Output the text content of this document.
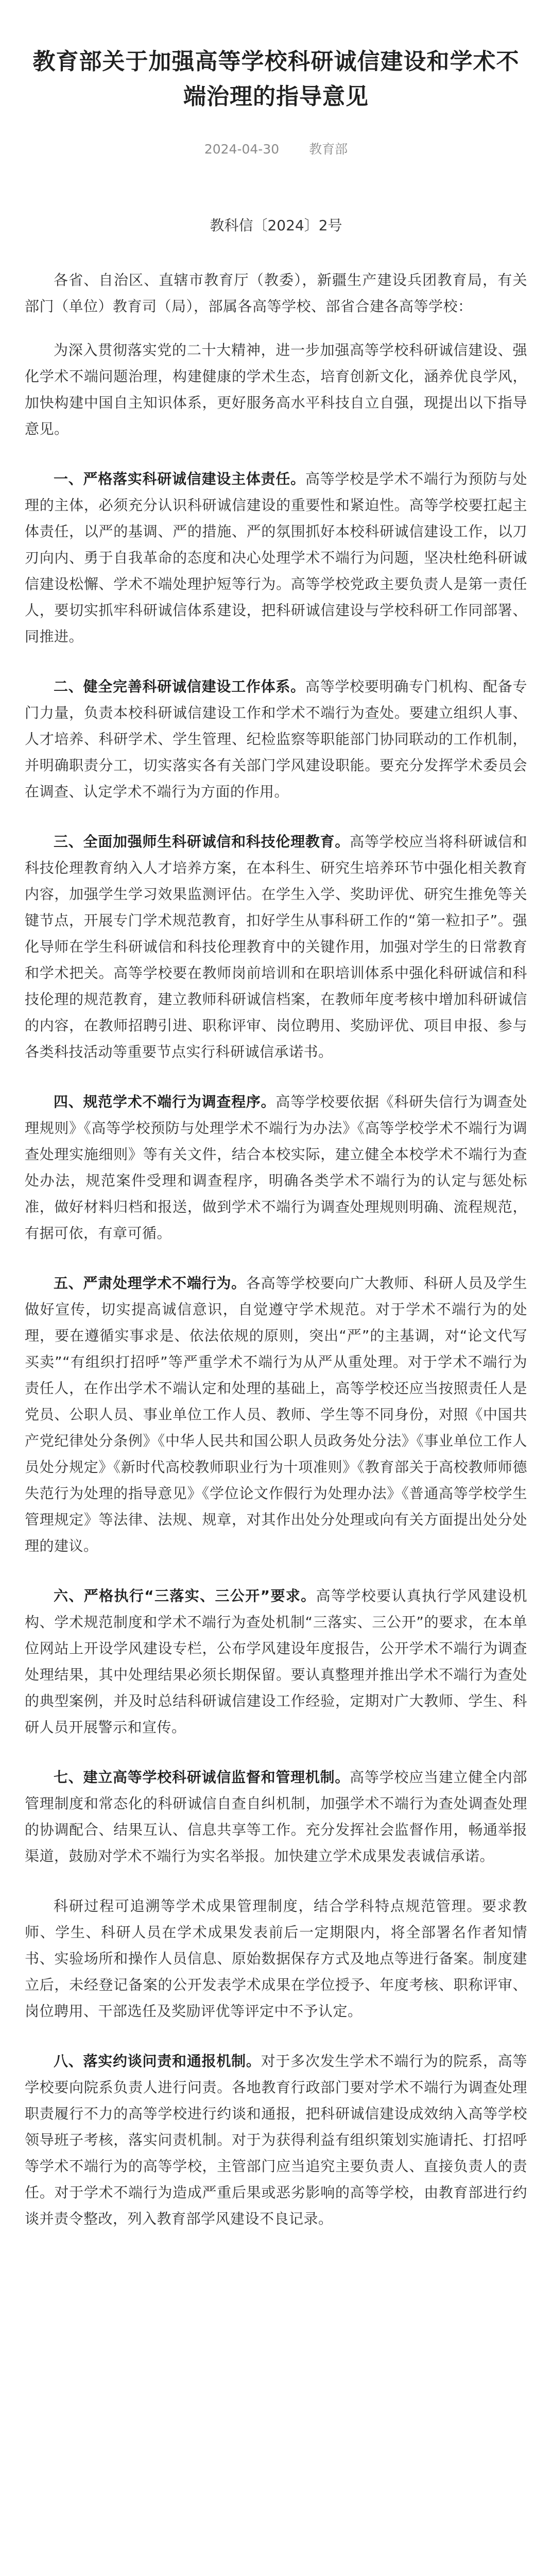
教育部关于加强高等学校科研诚信建设和学术不端治理的指导意见
2024-04-30 教育部
教科信〔2024〕2号

各省、自治区、直辖市教育厅（教委），新疆生产建设兵团教育局，有关部门（单位）教育司（局），部属各高等学校、部省合建各高等学校：

为深入贯彻落实党的二十大精神，进一步加强高等学校科研诚信建设、强化学术不端问题治理，构建健康的学术生态，培育创新文化，涵养优良学风，加快构建中国自主知识体系，更好服务高水平科技自立自强，现提出以下指导意见。

一、严格落实科研诚信建设主体责任。高等学校是学术不端行为预防与处理的主体，必须充分认识科研诚信建设的重要性和紧迫性。高等学校要扛起主体责任，以严的基调、严的措施、严的氛围抓好本校科研诚信建设工作，以刀刃向内、勇于自我革命的态度和决心处理学术不端行为问题，坚决杜绝科研诚信建设松懈、学术不端处理护短等行为。高等学校党政主要负责人是第一责任人，要切实抓牢科研诚信体系建设，把科研诚信建设与学校科研工作同部署、同推进。

二、健全完善科研诚信建设工作体系。高等学校要明确专门机构、配备专门力量，负责本校科研诚信建设工作和学术不端行为查处。要建立组织人事、人才培养、科研学术、学生管理、纪检监察等职能部门协同联动的工作机制，并明确职责分工，切实落实各有关部门学风建设职能。要充分发挥学术委员会在调查、认定学术不端行为方面的作用。

三、全面加强师生科研诚信和科技伦理教育。高等学校应当将科研诚信和科技伦理教育纳入人才培养方案，在本科生、研究生培养环节中强化相关教育内容，加强学生学习效果监测评估。在学生入学、奖助评优、研究生推免等关键节点，开展专门学术规范教育，扣好学生从事科研工作的“第一粒扣子”。强化导师在学生科研诚信和科技伦理教育中的关键作用，加强对学生的日常教育和学术把关。高等学校要在教师岗前培训和在职培训体系中强化科研诚信和科技伦理的规范教育，建立教师科研诚信档案，在教师年度考核中增加科研诚信的内容，在教师招聘引进、职称评审、岗位聘用、奖励评优、项目申报、参与各类科技活动等重要节点实行科研诚信承诺书。

四、规范学术不端行为调查程序。高等学校要依据《科研失信行为调查处理规则》《高等学校预防与处理学术不端行为办法》《高等学校学术不端行为调查处理实施细则》等有关文件，结合本校实际，建立健全本校学术不端行为查处办法，规范案件受理和调查程序，明确各类学术不端行为的认定与惩处标准，做好材料归档和报送，做到学术不端行为调查处理规则明确、流程规范，有据可依，有章可循。

五、严肃处理学术不端行为。各高等学校要向广大教师、科研人员及学生做好宣传，切实提高诚信意识，自觉遵守学术规范。对于学术不端行为的处理，要在遵循实事求是、依法依规的原则，突出“严”的主基调，对“论文代写买卖”“有组织打招呼”等严重学术不端行为从严从重处理。对于学术不端行为责任人，在作出学术不端认定和处理的基础上，高等学校还应当按照责任人是党员、公职人员、事业单位工作人员、教师、学生等不同身份，对照《中国共产党纪律处分条例》《中华人民共和国公职人员政务处分法》《事业单位工作人员处分规定》《新时代高校教师职业行为十项准则》《教育部关于高校教师师德失范行为处理的指导意见》《学位论文作假行为处理办法》《普通高等学校学生管理规定》等法律、法规、规章，对其作出处分处理或向有关方面提出处分处理的建议。

六、严格执行“三落实、三公开”要求。高等学校要认真执行学风建设机构、学术规范制度和学术不端行为查处机制“三落实、三公开”的要求，在本单位网站上开设学风建设专栏，公布学风建设年度报告，公开学术不端行为调查处理结果，其中处理结果必须长期保留。要认真整理并推出学术不端行为查处的典型案例，并及时总结科研诚信建设工作经验，定期对广大教师、学生、科研人员开展警示和宣传。

七、建立高等学校科研诚信监督和管理机制。高等学校应当建立健全内部管理制度和常态化的科研诚信自查自纠机制，加强学术不端行为查处调查处理的协调配合、结果互认、信息共享等工作。充分发挥社会监督作用，畅通举报渠道，鼓励对学术不端行为实名举报。加快建立学术成果发表诚信承诺。

科研过程可追溯等学术成果管理制度，结合学科特点规范管理。要求教师、学生、科研人员在学术成果发表前后一定期限内，将全部署名作者知情书、实验场所和操作人员信息、原始数据保存方式及地点等进行备案。制度建立后，未经登记备案的公开发表学术成果在学位授予、年度考核、职称评审、岗位聘用、干部选任及奖励评优等评定中不予认定。

八、落实约谈问责和通报机制。对于多次发生学术不端行为的院系，高等学校要向院系负责人进行问责。各地教育行政部门要对学术不端行为调查处理职责履行不力的高等学校进行约谈和通报，把科研诚信建设成效纳入高等学校领导班子考核，落实问责机制。对于为获得利益有组织策划实施请托、打招呼等学术不端行为的高等学校，主管部门应当追究主要负责人、直接负责人的责任。对于学术不端行为造成严重后果或恶劣影响的高等学校，由教育部进行约谈并责令整改，列入教育部学风建设不良记录。
